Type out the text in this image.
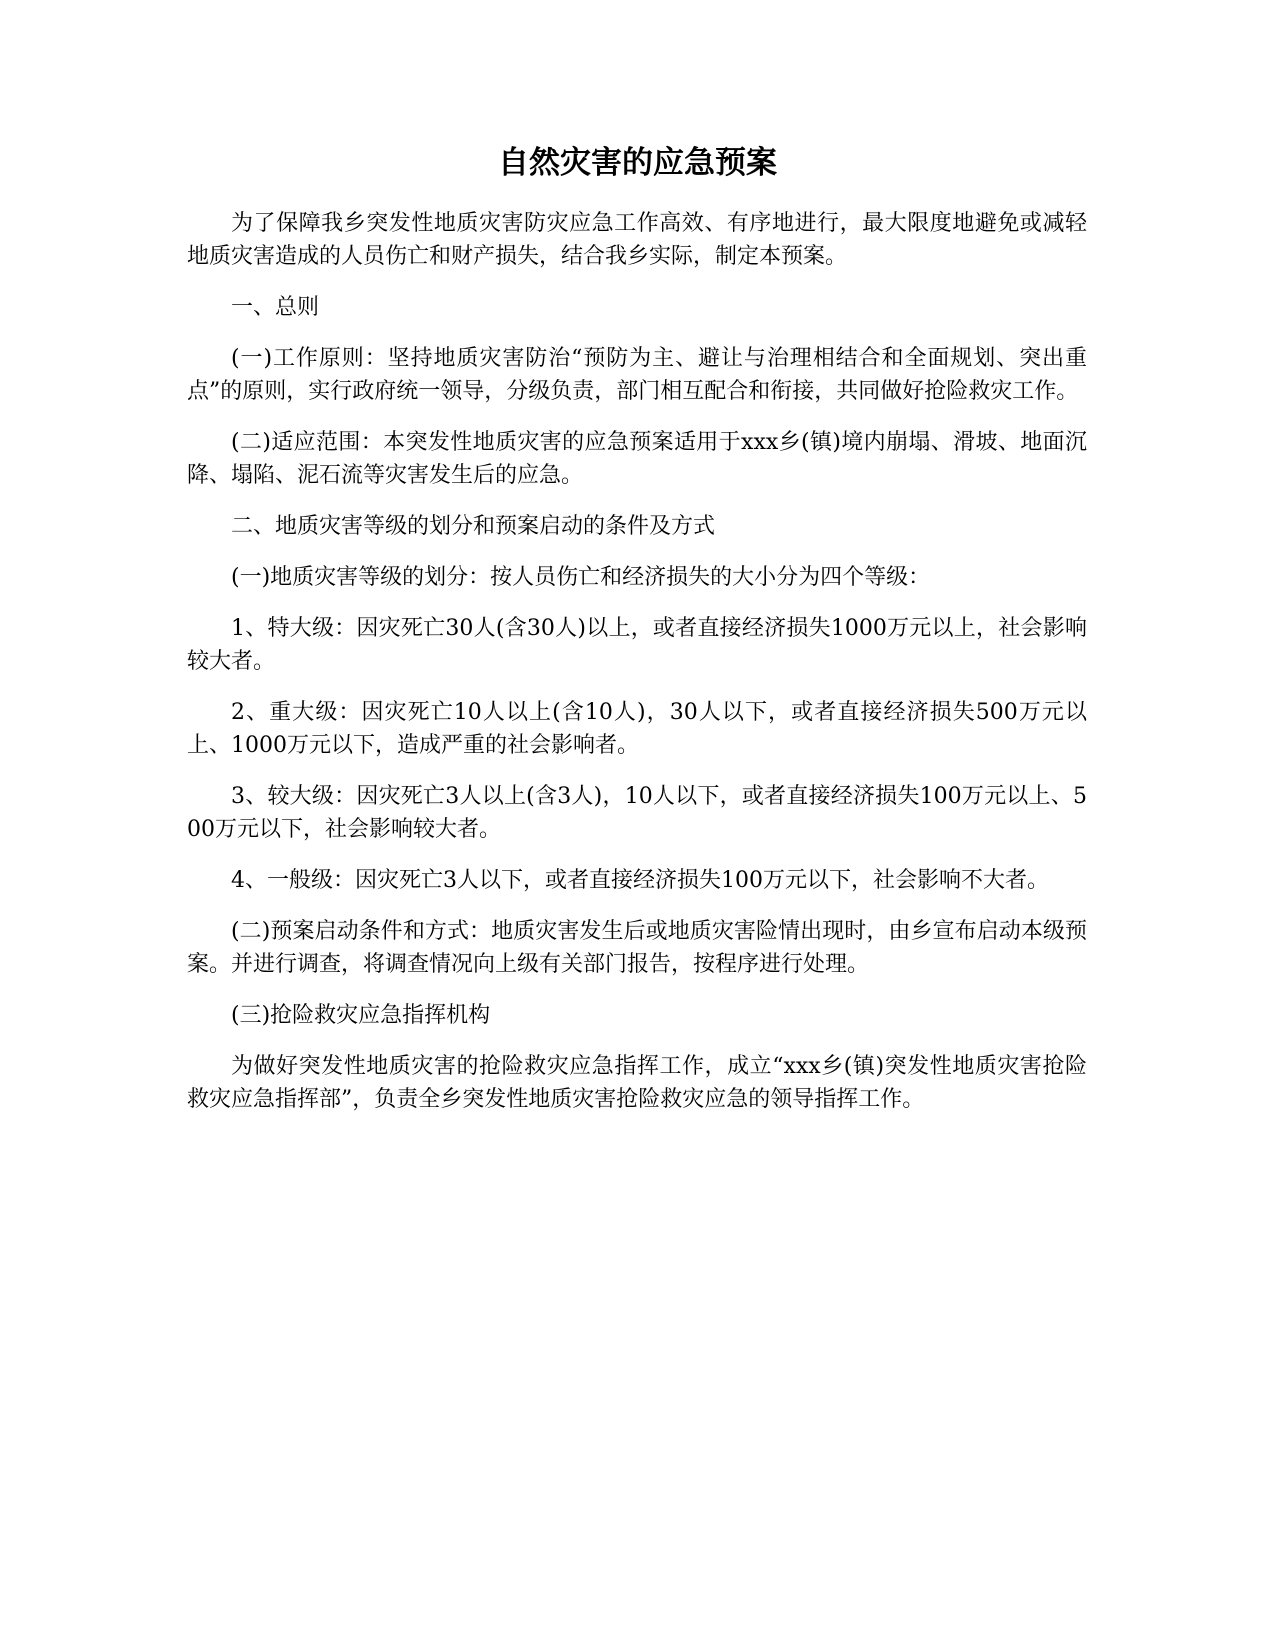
自然灾害的应急预案

为了保障我乡突发性地质灾害防灾应急工作高效、有序地进行，最大限度地避免或减轻地质灾害造成的人员伤亡和财产损失，结合我乡实际，制定本预案。

一、总则

(一)工作原则：坚持地质灾害防治“预防为主、避让与治理相结合和全面规划、突出重点”的原则，实行政府统一领导，分级负责，部门相互配合和衔接，共同做好抢险救灾工作。

(二)适应范围：本突发性地质灾害的应急预案适用于xxx乡(镇)境内崩塌、滑坡、地面沉降、塌陷、泥石流等灾害发生后的应急。

二、地质灾害等级的划分和预案启动的条件及方式

(一)地质灾害等级的划分：按人员伤亡和经济损失的大小分为四个等级：

1、特大级：因灾死亡30人(含30人)以上，或者直接经济损失1000万元以上，社会影响较大者。

2、重大级：因灾死亡10人以上(含10人)，30人以下，或者直接经济损失500万元以上、1000万元以下，造成严重的社会影响者。

3、较大级：因灾死亡3人以上(含3人)，10人以下，或者直接经济损失100万元以上、500万元以下，社会影响较大者。

4、一般级：因灾死亡3人以下，或者直接经济损失100万元以下，社会影响不大者。

(二)预案启动条件和方式：地质灾害发生后或地质灾害险情出现时，由乡宣布启动本级预案。并进行调查，将调查情况向上级有关部门报告，按程序进行处理。

(三)抢险救灾应急指挥机构

为做好突发性地质灾害的抢险救灾应急指挥工作，成立“xxx乡(镇)突发性地质灾害抢险救灾应急指挥部”，负责全乡突发性地质灾害抢险救灾应急的领导指挥工作。
